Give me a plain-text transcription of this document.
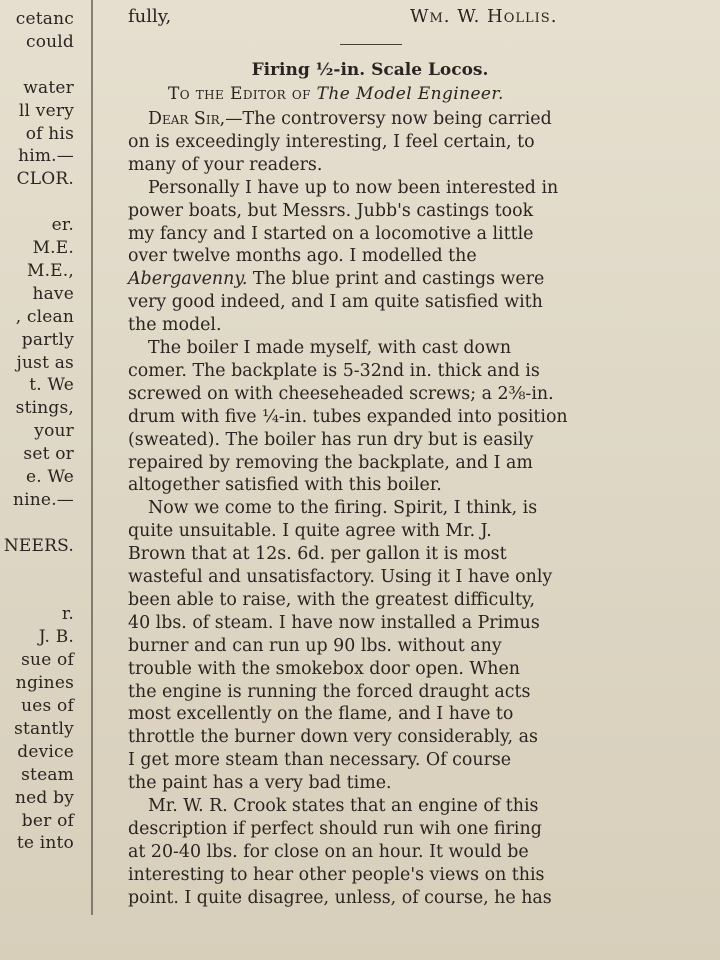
cetanc
could
water
ll very
of his
him.—
CLOR.
er.
M.E.
M.E.,
have
, clean
partly
just as
t. We
stings,
your
set or
e. We
nine.—
NEERS.
r.
J. B.
sue of
ngines
ues of
stantly
device
steam
ned by
ber of
te into
fully,	Wm. W. Hollis.
Firing ½-in. Scale Locos.
To the Editor of The Model Engineer.
Dear Sir,—The controversy now being carried
on is exceedingly interesting, I feel certain, to
many of your readers.
Personally I have up to now been interested in
power boats, but Messrs. Jubb's castings took
my fancy and I started on a locomotive a little
over twelve months ago. I modelled the
Abergavenny. The blue print and castings were
very good indeed, and I am quite satisfied with
the model.
The boiler I made myself, with cast down
comer. The backplate is 5-32nd in. thick and is
screwed on with cheeseheaded screws; a 2⅜-in.
drum with five ¼-in. tubes expanded into position
(sweated). The boiler has run dry but is easily
repaired by removing the backplate, and I am
altogether satisfied with this boiler.
Now we come to the firing. Spirit, I think, is
quite unsuitable. I quite agree with Mr. J.
Brown that at 12s. 6d. per gallon it is most
wasteful and unsatisfactory. Using it I have only
been able to raise, with the greatest difficulty,
40 lbs. of steam. I have now installed a Primus
burner and can run up 90 lbs. without any
trouble with the smokebox door open. When
the engine is running the forced draught acts
most excellently on the flame, and I have to
throttle the burner down very considerably, as
I get more steam than necessary. Of course
the paint has a very bad time.
Mr. W. R. Crook states that an engine of this
description if perfect should run wih one firing
at 20-40 lbs. for close on an hour. It would be
interesting to hear other people's views on this
point. I quite disagree, unless, of course, he has
